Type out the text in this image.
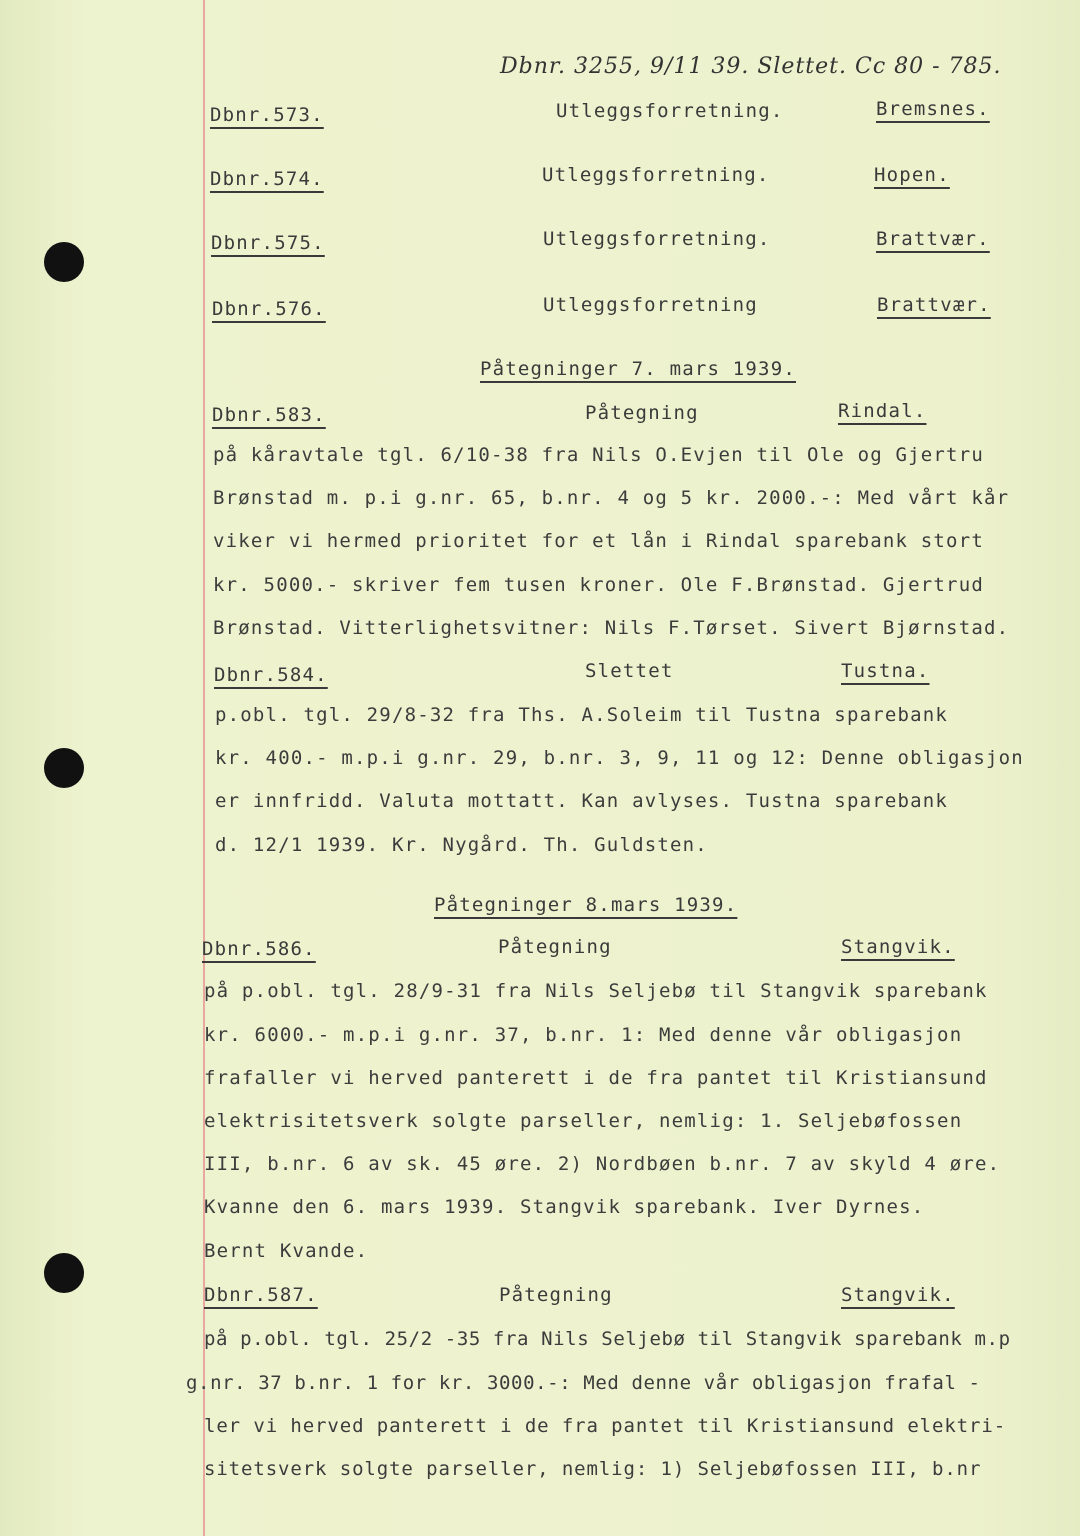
Dbnr. 3255, 9/11 39. Slettet. Cc 80 - 785.
Dbnr.573.	Utleggsforretning.	Bremsnes.
Dbnr.574.	Utleggsforretning.	Hopen.
Dbnr.575.	Utleggsforretning.	Brattvær.
Dbnr.576.	Utleggsforretning	Brattvær.
Påtegninger 7. mars 1939.
Dbnr.583.	Påtegning	Rindal.
på kåravtale tgl. 6/10-38 fra Nils O.Evjen til Ole og Gjertru
Brønstad m. p.i g.nr. 65, b.nr. 4 og 5 kr. 2000.-: Med vårt kår
viker vi hermed prioritet for et lån i Rindal sparebank stort
kr. 5000.- skriver fem tusen kroner. Ole F.Brønstad. Gjertrud
Brønstad. Vitterlighetsvitner: Nils F.Tørset. Sivert Bjørnstad.
Dbnr.584.	Slettet	Tustna.
p.obl. tgl. 29/8-32 fra Ths. A.Soleim til Tustna sparebank
kr. 400.- m.p.i g.nr. 29, b.nr. 3, 9, 11 og 12: Denne obligasjon
er innfridd. Valuta mottatt. Kan avlyses. Tustna sparebank
d. 12/1 1939. Kr. Nygård. Th. Guldsten.
Påtegninger 8.mars 1939.
Dbnr.586.	Påtegning	Stangvik.
på p.obl. tgl. 28/9-31 fra Nils Seljebø til Stangvik sparebank
kr. 6000.- m.p.i g.nr. 37, b.nr. 1: Med denne vår obligasjon
frafaller vi herved panterett i de fra pantet til Kristiansund
elektrisitetsverk solgte parseller, nemlig: 1. Seljebøfossen
III, b.nr. 6 av sk. 45 øre. 2) Nordbøen b.nr. 7 av skyld 4 øre.
Kvanne den 6. mars 1939. Stangvik sparebank. Iver Dyrnes.
Bernt Kvande.
Dbnr.587.	Påtegning	Stangvik.
på p.obl. tgl. 25/2 -35 fra Nils Seljebø til Stangvik sparebank m.p
g.nr. 37 b.nr. 1 for kr. 3000.-: Med denne vår obligasjon frafal -
ler vi herved panterett i de fra pantet til Kristiansund elektri-
sitetsverk solgte parseller, nemlig: 1) Seljebøfossen III, b.nr
